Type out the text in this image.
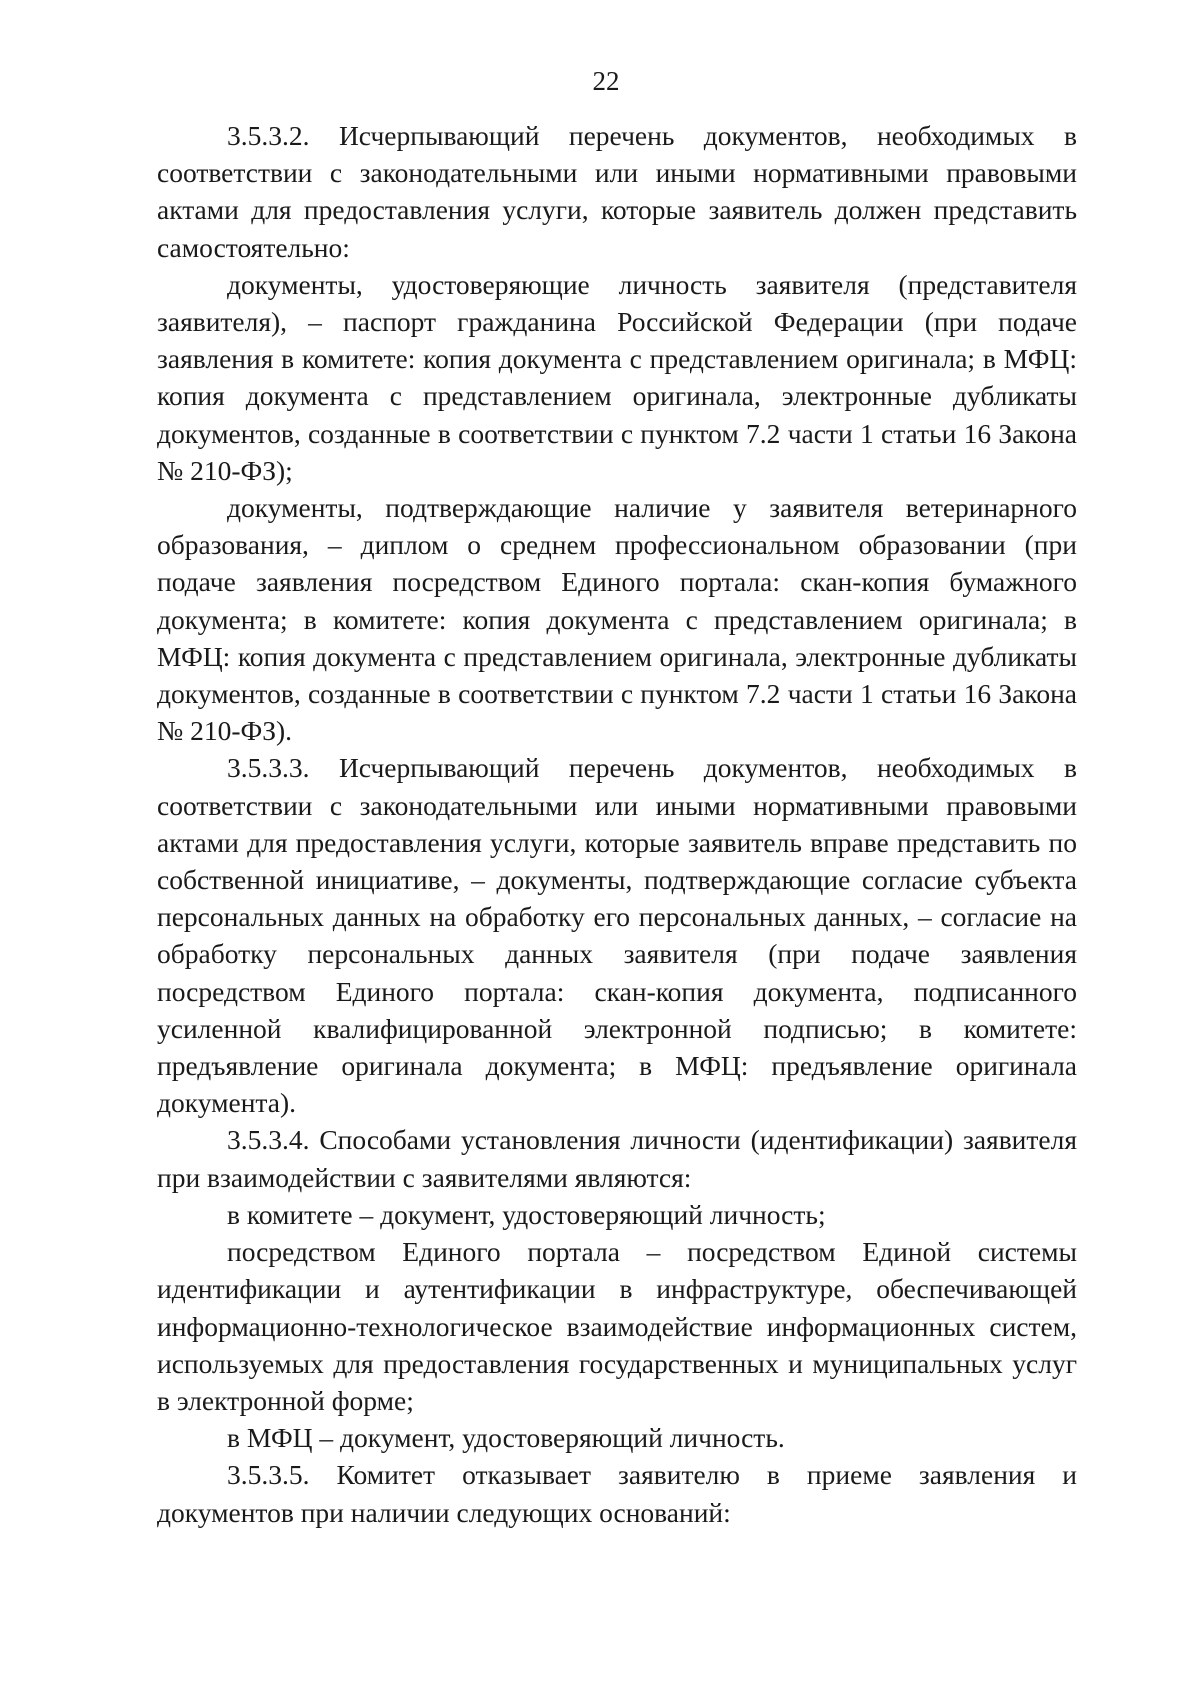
22

3.5.3.2. Исчерпывающий перечень документов, необходимых в соответствии с законодательными или иными нормативными правовыми актами для предоставления услуги, которые заявитель должен представить самостоятельно:

документы, удостоверяющие личность заявителя (представителя заявителя), – паспорт гражданина Российской Федерации (при подаче заявления в комитете: копия документа с представлением оригинала; в МФЦ: копия документа с представлением оригинала, электронные дубликаты документов, созданные в соответствии с пунктом 7.2 части 1 статьи 16 Закона № 210-ФЗ);

документы, подтверждающие наличие у заявителя ветеринарного образования, – диплом о среднем профессиональном образовании (при подаче заявления посредством Единого портала: скан-копия бумажного документа; в комитете: копия документа с представлением оригинала; в МФЦ: копия документа с представлением оригинала, электронные дубликаты документов, созданные в соответствии с пунктом 7.2 части 1 статьи 16 Закона № 210-ФЗ).

3.5.3.3. Исчерпывающий перечень документов, необходимых в соответствии с законодательными или иными нормативными правовыми актами для предоставления услуги, которые заявитель вправе представить по собственной инициативе, – документы, подтверждающие согласие субъекта персональных данных на обработку его персональных данных, – согласие на обработку персональных данных заявителя (при подаче заявления посредством Единого портала: скан-копия документа, подписанного усиленной квалифицированной электронной подписью; в комитете: предъявление оригинала документа; в МФЦ: предъявление оригинала документа).

3.5.3.4. Способами установления личности (идентификации) заявителя при взаимодействии с заявителями являются:

в комитете – документ, удостоверяющий личность;

посредством Единого портала – посредством Единой системы идентификации и аутентификации в инфраструктуре, обеспечивающей информационно-технологическое взаимодействие информационных систем, используемых для предоставления государственных и муниципальных услуг в электронной форме;

в МФЦ – документ, удостоверяющий личность.

3.5.3.5. Комитет отказывает заявителю в приеме заявления и документов при наличии следующих оснований:
